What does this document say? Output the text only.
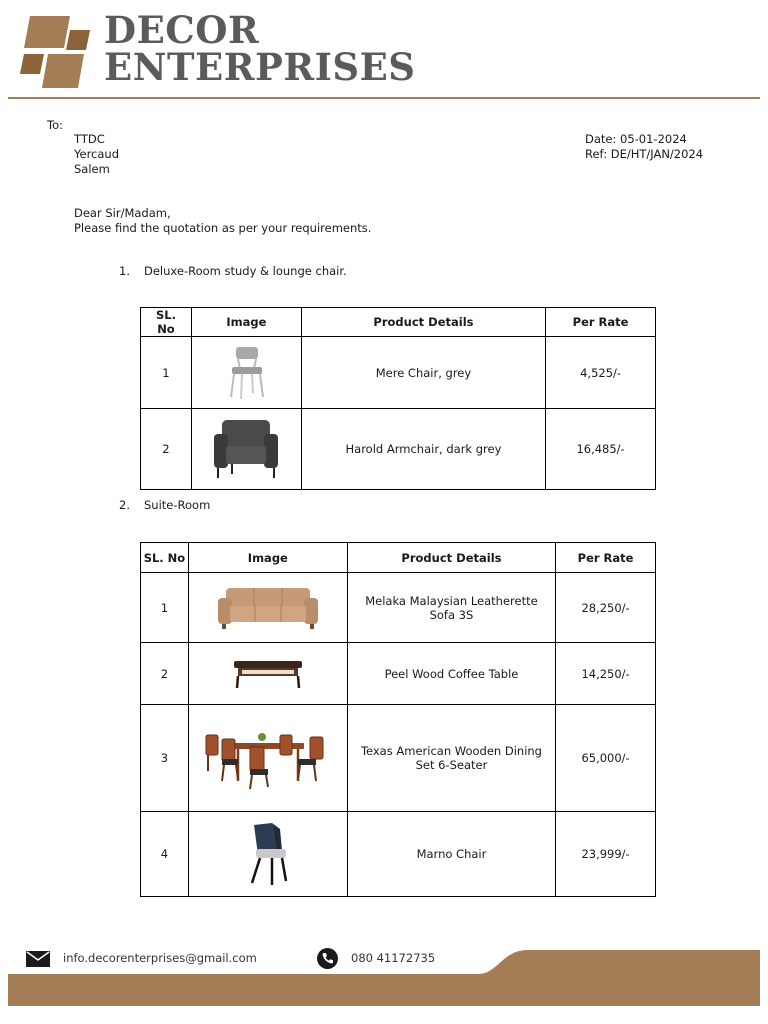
DECOR
ENTERPRISES
To:
TTDC
Yercaud
Salem
Date: 05-01-2024
Ref: DE/HT/JAN/2024
Dear Sir/Madam,
Please find the quotation as per your requirements.
1. Deluxe-Room study & lounge chair.
SL. No	Image	Product Details	Per Rate
1		Mere Chair, grey	4,525/-
2		Harold Armchair, dark grey	16,485/-
2. Suite-Room
SL. No	Image	Product Details	Per Rate
1		Melaka Malaysian Leatherette Sofa 3S	28,250/-
2		Peel Wood Coffee Table	14,250/-
3		Texas American Wooden Dining Set 6-Seater	65,000/-
4		Marno Chair	23,999/-
info.decorenterprises@gmail.com	080 41172735
